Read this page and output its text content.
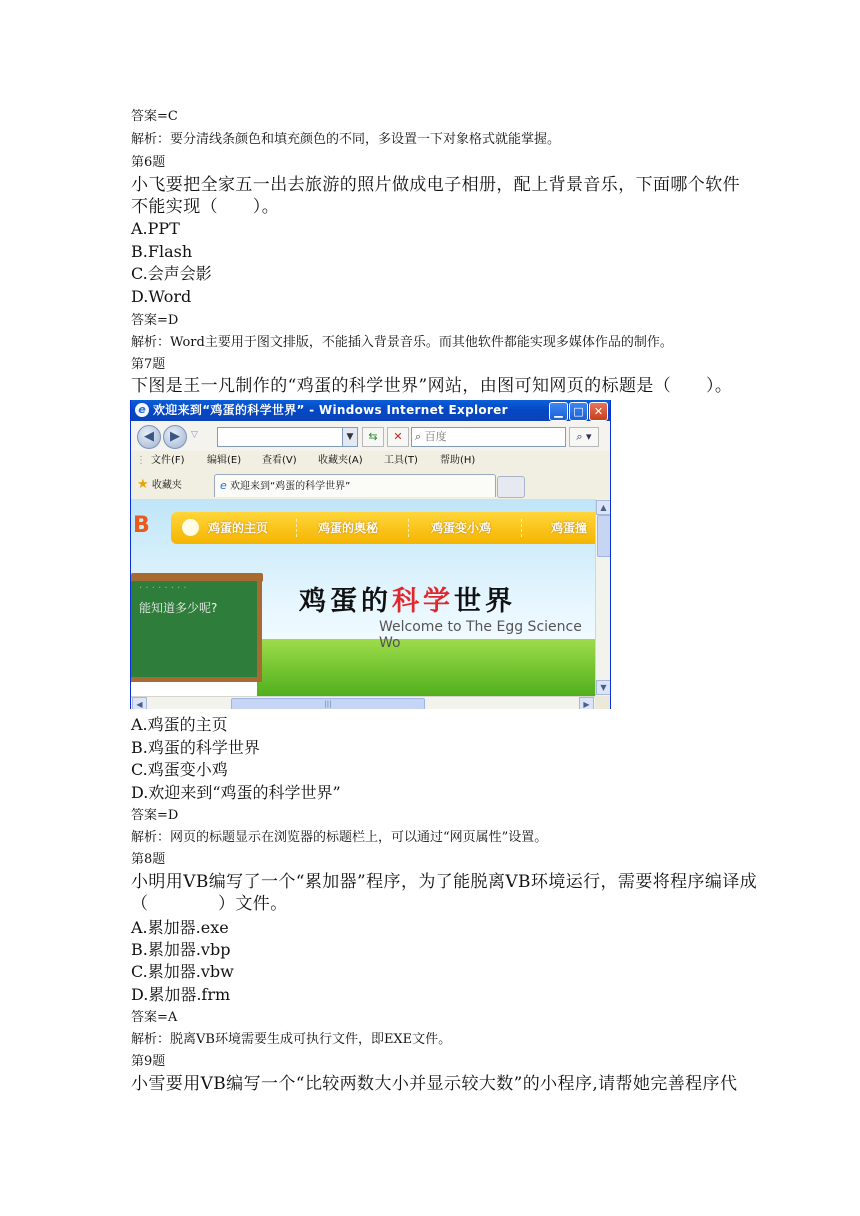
答案=C
解析：要分清线条颜色和填充颜色的不同，多设置一下对象格式就能掌握。
第6题
小飞要把全家五一出去旅游的照片做成电子相册，配上背景音乐，下面哪个软件
不能实现（　　）。
A.PPT
B.Flash
C.会声会影
D.Word
答案=D
解析：Word主要用于图文排版，不能插入背景音乐。而其他软件都能实现多媒体作品的制作。
第7题
下图是王一凡制作的“鸡蛋的科学世界”网站，由图可知网页的标题是（　　）。
e 欢迎来到“鸡蛋的科学世界” - Windows Internet Explorer	▁ □ ✕
◀	▶	▽	▼	⇆	✕	⌕ 百度	⌕ ▾
⋮ 文件(F) 编辑(E) 查看(V) 收藏夹(A) 工具(T) 帮助(H)
★ 收藏夹	e 欢迎来到“鸡蛋的科学世界”
B	鸡蛋的主页	鸡蛋的奥秘	鸡蛋变小鸡	鸡蛋撞
· · · · · · · ·
能知道多少呢?	鸡蛋的科学世界
Welcome to The Egg Science Wo
▲
▼
◀	|||	▶
A.鸡蛋的主页
B.鸡蛋的科学世界
C.鸡蛋变小鸡
D.欢迎来到“鸡蛋的科学世界”
答案=D
解析：网页的标题显示在浏览器的标题栏上，可以通过“网页属性”设置。
第8题
小明用VB编写了一个“累加器”程序，为了能脱离VB环境运行，需要将程序编译成
（　　　　）文件。
A.累加器.exe
B.累加器.vbp
C.累加器.vbw
D.累加器.frm
答案=A
解析：脱离VB环境需要生成可执行文件，即EXE文件。
第9题
小雪要用VB编写一个“比较两数大小并显示较大数”的小程序,请帮她完善程序代
